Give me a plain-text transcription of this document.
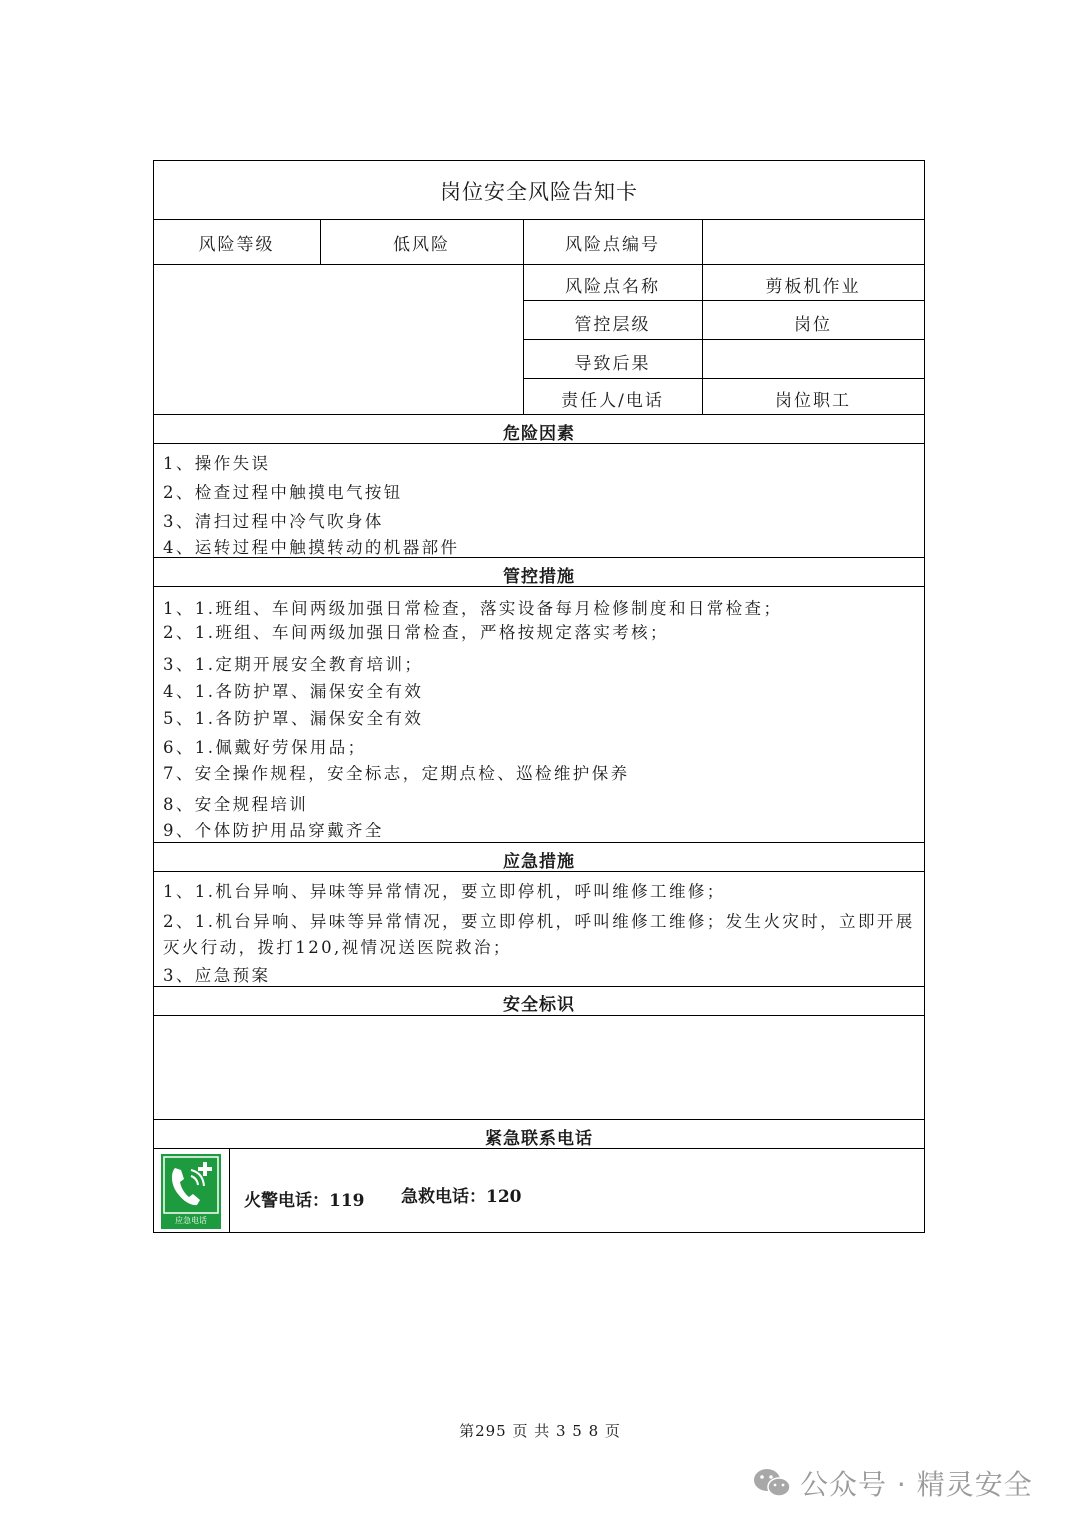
岗位安全风险告知卡
风险等级	低风险	风险点编号
风险点名称	剪板机作业
管控层级	岗位
导致后果
责任人/电话	岗位职工
危险因素
1、操作失误
2、检查过程中触摸电气按钮
3、清扫过程中冷气吹身体
4、运转过程中触摸转动的机器部件
管控措施
1、1.班组、车间两级加强日常检查，落实设备每月检修制度和日常检查；
2、1.班组、车间两级加强日常检查，严格按规定落实考核；
3、1.定期开展安全教育培训；
4、1.各防护罩、漏保安全有效
5、1.各防护罩、漏保安全有效
6、1.佩戴好劳保用品；
7、安全操作规程，安全标志，定期点检、巡检维护保养
8、安全规程培训
9、个体防护用品穿戴齐全
应急措施
1、1.机台异响、异味等异常情况，要立即停机，呼叫维修工维修；
2、1.机台异响、异味等异常情况，要立即停机，呼叫维修工维修；发生火灾时，立即开展
灭火行动，拨打120,视情况送医院救治；
3、应急预案
安全标识
紧急联系电话
应急电话
火警电话：119 急救电话：120
第295 页 共 3 5 8 页
公众号 · 精灵安全
